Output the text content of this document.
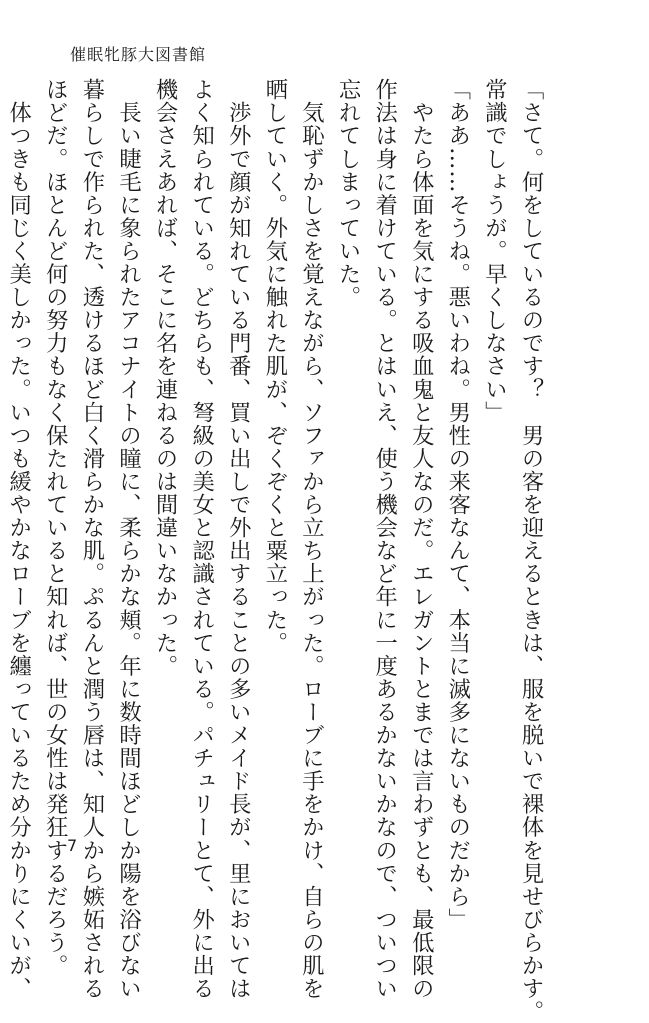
催眠牝豚大図書館

「さて。何をしているのです？　男の客を迎えるときは、服を脱いで裸体を見せびらかす。

常識でしょうが。早くしなさい」

「ああ……そうね。悪いわね。男性の来客なんて、本当に滅多にないものだから」

　やたら体面を気にする吸血鬼と友人なのだ。エレガントとまでは言わずとも、最低限の

作法は身に着けている。とはいえ、使う機会など年に一度あるかないかなので、ついつい

忘れてしまっていた。

　気恥ずかしさを覚えながら、ソファから立ち上がった。ローブに手をかけ、自らの肌を

晒していく。外気に触れた肌が、ぞくぞくと粟立った。

　渉外で顔が知れている門番、買い出しで外出することの多いメイド長が、里においては

よく知られている。どちらも、弩級の美女と認識されている。パチュリーとて、外に出る

機会さえあれば、そこに名を連ねるのは間違いなかった。

　長い睫毛に象られたアコナイトの瞳に、柔らかな頬。年に数時間ほどしか陽を浴びない

暮らしで作られた、透けるほど白く滑らかな肌。ぷるんと潤う唇は、知人から嫉妬される

ほどだ。ほとんど何の努力もなく保たれていると知れば、世の女性は発狂するだろう。

　体つきも同じく美しかった。いつも緩やかなローブを纏っているため分かりにくいが、	7
